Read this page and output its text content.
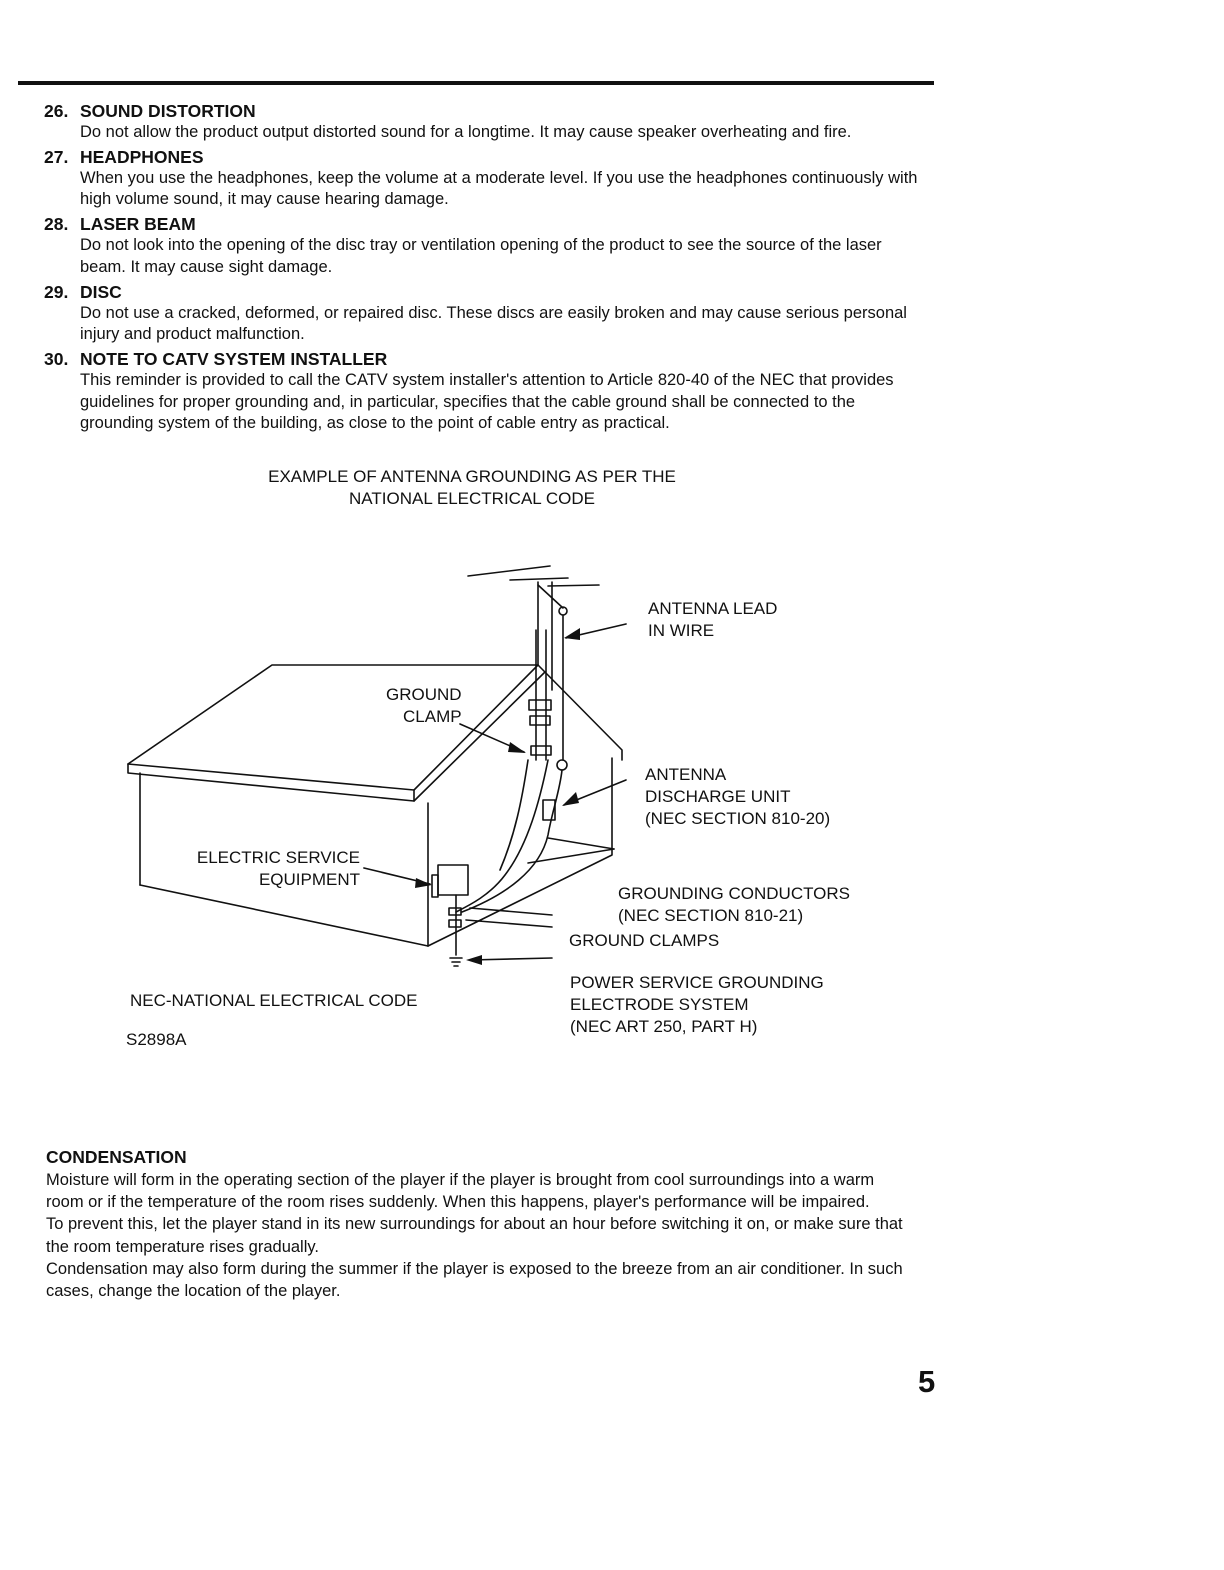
26. SOUND DISTORTION
Do not allow the product output distorted sound for a longtime. It may cause speaker overheating and fire.
27. HEADPHONES
When you use the headphones, keep the volume at a moderate level. If you use the headphones continuously with high volume sound, it may cause hearing damage.
28. LASER BEAM
Do not look into the opening of the disc tray or ventilation opening of the product to see the source of the laser beam. It may cause sight damage.
29. DISC
Do not use a cracked, deformed, or repaired disc. These discs are easily broken and may cause serious personal injury and product malfunction.
30. NOTE TO CATV SYSTEM INSTALLER
This reminder is provided to call the CATV system installer's attention to Article 820-40 of the NEC that provides guidelines for proper grounding and, in particular, specifies that the cable ground shall be connected to the grounding system of the building, as close to the point of cable entry as practical.
EXAMPLE OF ANTENNA GROUNDING AS PER THE
NATIONAL ELECTRICAL CODE
ANTENNA LEAD
IN WIRE
GROUND
CLAMP
ANTENNA
DISCHARGE UNIT
(NEC SECTION 810-20)
ELECTRIC SERVICE
EQUIPMENT
GROUNDING CONDUCTORS
(NEC SECTION 810-21)
GROUND CLAMPS
POWER SERVICE GROUNDING
ELECTRODE SYSTEM
(NEC ART 250, PART H)
NEC-NATIONAL ELECTRICAL CODE
S2898A
CONDENSATION
Moisture will form in the operating section of the player if the player is brought from cool surroundings into a warm room or if the temperature of the room rises suddenly. When this happens, player's performance will be impaired.
To prevent this, let the player stand in its new surroundings for about an hour before switching it on, or make sure that the room temperature rises gradually.
Condensation may also form during the summer if the player is exposed to the breeze from an air conditioner. In such cases, change the location of the player.
5
